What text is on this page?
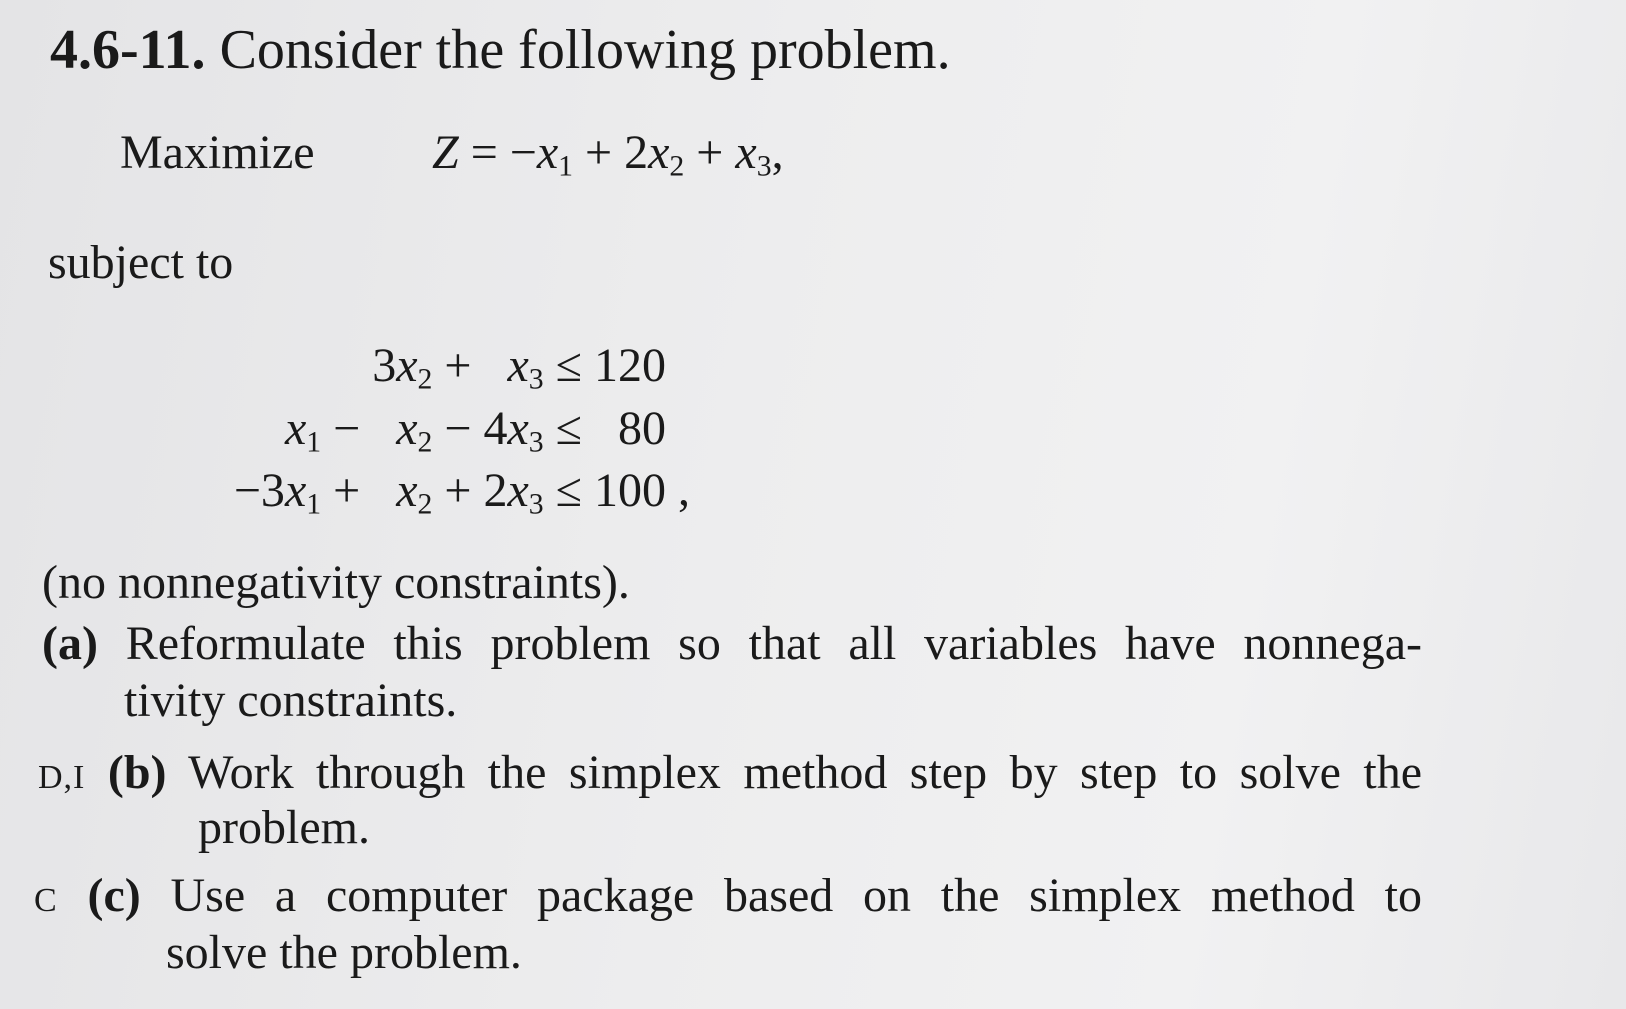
4.6-11. Consider the following problem.
Maximize $Z = -x_1 + 2x_2 + x_3$,
subject to
$3x_2 + x_3 \le 120$
$x_1 - x_2 - 4x_3 \le 80$
$-3x_1 + x_2 + 2x_3 \le 100$ ,
(no nonnegativity constraints).
(a) Reformulate this problem so that all variables have nonnega-
tivity constraints.
D,I (b) Work through the simplex method step by step to solve the
problem.
C (c) Use a computer package based on the simplex method to
solve the problem.
